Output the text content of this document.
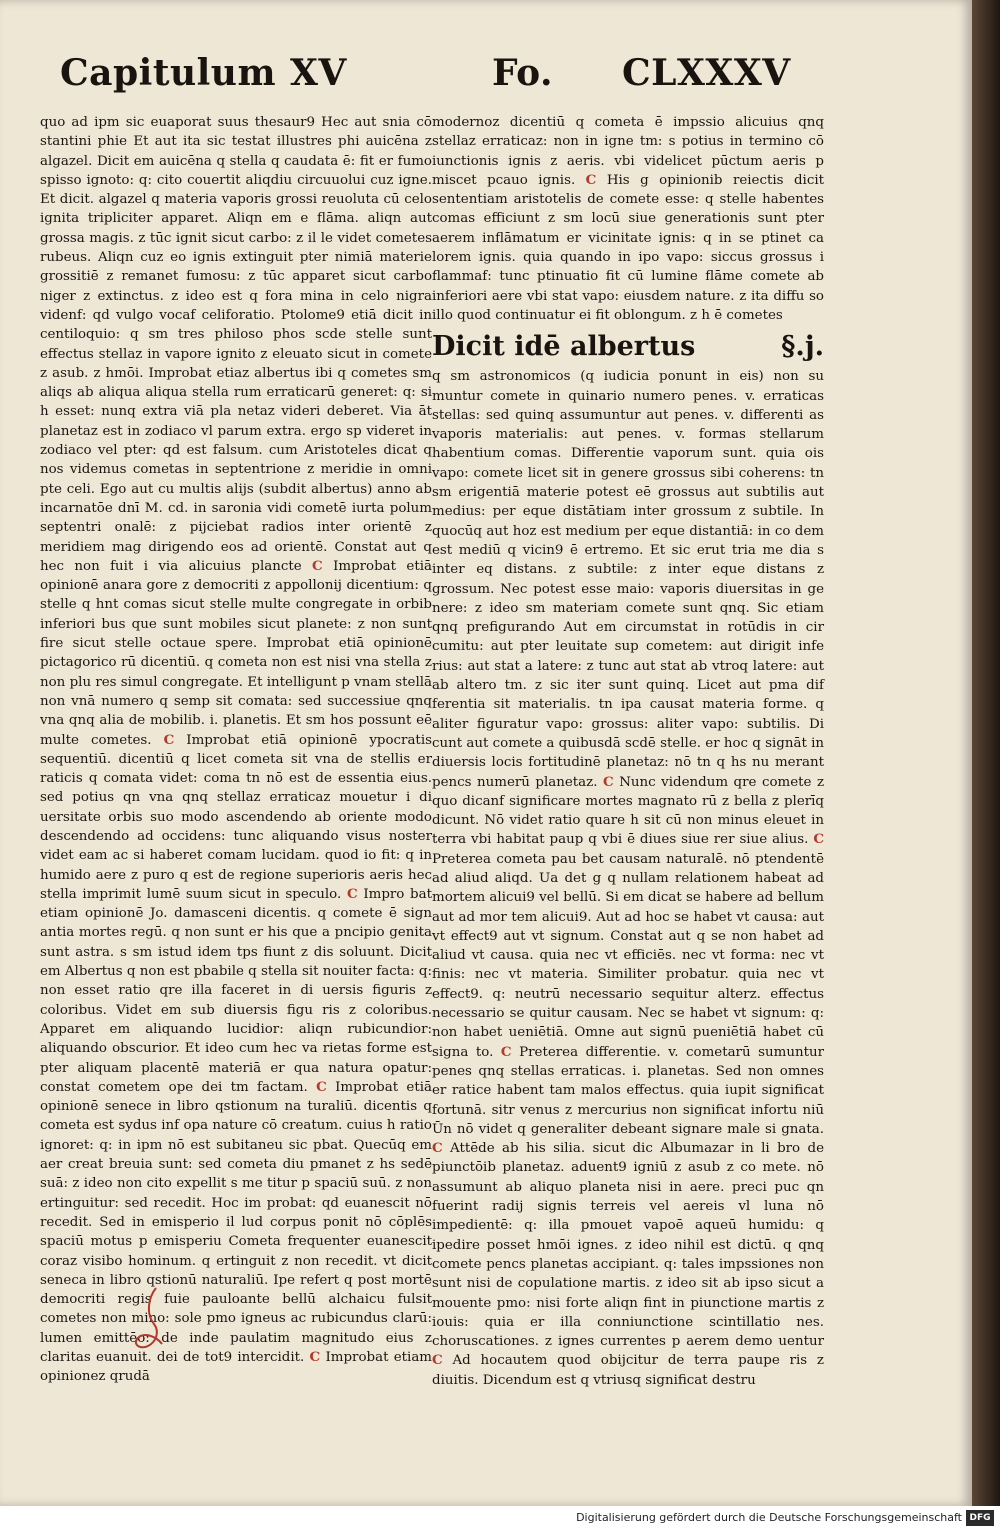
Capitulum XV	Fo. CLXXXV

quo ad ipm sic euaporat suus thesaur9 Hec aut snia cō stantini phie Et aut ita sic testat illustres phi auicēna z algazel. Dicit em auicēna q stella q caudata ē: fit er fumo spisso ignoto: q: cito couertit aliqdiu circuuolui cuz igne. Et dicit. algazel q materia vaporis grossi reuoluta cū celo ignita tripliciter apparet. Aliqn em e flāma. aliqn aut grossa magis. z tūc ignit sicut carbo: z il le videt cometes rubeus. Aliqn cuz eo ignis extinguit pter nimiā materie grossitiē z remanet fumosu: z tūc apparet sicut carbo niger z extinctus. z ideo est q fora mina in celo nigra videnf: qd vulgo vocaf celiforatio. Ptolome9 etiā dicit in centiloquio: q sm tres philoso phos scde stelle sunt effectus stellaz in vapore ignito z eleuato sicut in comete z asub. z hmōi. Improbat etiaz albertus ibi q cometes sm aliqs ab aliqua aliqua stella rum erraticarū generet: q: si h esset: nunq extra viā pla netaz videri deberet. Via āt planetaz est in zodiaco vl parum extra. ergo sp videret in zodiaco vel pter: qd est falsum. cum Aristoteles dicat q nos videmus cometas in septentrione z meridie in omni pte celi. Ego aut cu multis alijs (subdit albertus) anno ab incarnatōe dnī M. cd. in saronia vidi cometē iurta polum septentri onalē: z pijciebat radios inter orientē z meridiem mag dirigendo eos ad orientē. Constat aut q hec non fuit i via alicuius plancte C Improbat etiā opinionē anara gore z democriti z appollonij dicentium: q stelle q hnt comas sicut stelle multe congregate in orbib inferiori bus que sunt mobiles sicut planete: z non sunt fire sicut stelle octaue spere. Improbat etiā opinionē pictagorico rū dicentiū. q cometa non est nisi vna stella z non plu res simul congregate. Et intelligunt p vnam stellā non vnā numero q semp sit comata: sed successiue qnq vna qnq alia de mobilib. i. planetis. Et sm hos possunt eē multe cometes. C Improbat etiā opinionē ypocratis sequentiū. dicentiū q licet cometa sit vna de stellis er raticis q comata videt: coma tn nō est de essentia eius. sed potius qn vna qnq stellaz erraticaz mouetur i di uersitate orbis suo modo ascendendo ab oriente modo descendendo ad occidens: tunc aliquando visus noster videt eam ac si haberet comam lucidam. quod io fit: q in humido aere z puro q est de regione superioris aeris hec stella imprimit lumē suum sicut in speculo. C Impro bat etiam opinionē Jo. damasceni dicentis. q comete ē sign antia mortes regū. q non sunt er his que a pncipio genita sunt astra. s sm istud idem tps fiunt z dis soluunt. Dicit em Albertus q non est pbabile q stella sit nouiter facta: q: non esset ratio qre illa faceret in di uersis figuris z coloribus. Videt em sub diuersis figu ris z coloribus. Apparet em aliquando lucidior: aliqn rubicundior: aliquando obscurior. Et ideo cum hec va rietas forme est pter aliquam placentē materiā er qua natura opatur: constat cometem ope dei tm factam. C Improbat etiā opinionē senece in libro qstionum na turaliū. dicentis q cometa est sydus inf opa nature cō creatum. cuius h ratio ignoret: q: in ipm nō est subitaneu sic pbat. Quecūq em aer creat breuia sunt: sed cometa diu pmanet z hs sedē suā: z ideo non cito expellit s me titur p spaciū suū. z non ertinguitur: sed recedit. Hoc im probat: qd euanescit nō recedit. Sed in emisperio il lud corpus ponit nō cōplēs spaciū motus p emisperiu Cometa frequenter euanescit coraz visibo hominum. q ertinguit z non recedit. vt dicit seneca in libro qstionū naturaliū. Ipe refert q post mortē democriti regis fuie pauloante bellū alchaicu fulsit cometes non mino: sole pmo igneus ac rubicundus clarū: lumen emittēo: de inde paulatim magnitudo eius z claritas euanuit. dei de tot9 intercidit. C Improbat etiam opinionez qrudā

modernoz dicentiū q cometa ē impssio alicuius qnq stellaz erraticaz: non in igne tm: s potius in termino cō iunctionis ignis z aeris. vbi videlicet pūctum aeris p miscet pcauo ignis. C His g opinionib reiectis dicit sententiam aristotelis de comete esse: q stelle habentes comas efficiunt z sm locū siue generationis sunt pter aerem inflāmatum er vicinitate ignis: q in se ptinet ca lorem ignis. quia quando in ipo vapo: siccus grossus i flammaf: tunc ptinuatio fit cū lumine flāme comete ab inferiori aere vbi stat vapo: eiusdem nature. z ita diffu so illo quod continuatur ei fit oblongum. z h ē cometes

Dicit idē albertus	§.j.

q sm astronomicos (q iudicia ponunt in eis) non su muntur comete in quinario numero penes. v. erraticas stellas: sed quinq assumuntur aut penes. v. differenti as vaporis materialis: aut penes. v. formas stellarum habentium comas. Differentie vaporum sunt. quia ois vapo: comete licet sit in genere grossus sibi coherens: tn sm erigentiā materie potest eē grossus aut subtilis aut medius: per eque distātiam inter grossum z subtile. In quocūq aut hoz est medium per eque distantiā: in co dem est mediū q vicin9 ē ertremo. Et sic erut tria me dia s inter eq distans. z subtile: z inter eque distans z grossum. Nec potest esse maio: vaporis diuersitas in ge nere: z ideo sm materiam comete sunt qnq. Sic etiam qnq prefigurando Aut em circumstat in rotūdis in cir cumitu: aut pter leuitate sup cometem: aut dirigit infe rius: aut stat a latere: z tunc aut stat ab vtroq latere: aut ab altero tm. z sic iter sunt quinq. Licet aut pma dif ferentia sit materialis. tn ipa causat materia forme. q aliter figuratur vapo: grossus: aliter vapo: subtilis. Di cunt aut comete a quibusdā scdē stelle. er hoc q signāt in diuersis locis fortitudinē planetaz: nō tn q hs nu merant pencs numerū planetaz. C Nunc videndum qre comete z quo dicanf significare mortes magnato rū z bella z plerīq dicunt. Nō videt ratio quare h sit cū non minus eleuet in terra vbi habitat paup q vbi ē diues siue rer siue alius. C Preterea cometa pau bet causam naturalē. nō ptendentē ad aliud aliqd. Ua det g q nullam relationem habeat ad mortem alicui9 vel bellū. Si em dicat se habere ad bellum aut ad mor tem alicui9. Aut ad hoc se habet vt causa: aut vt effect9 aut vt signum. Constat aut q se non habet ad aliud vt causa. quia nec vt efficiēs. nec vt forma: nec vt finis: nec vt materia. Similiter probatur. quia nec vt effect9. q: neutrū necessario sequitur alterz. effectus necessario se quitur causam. Nec se habet vt signum: q: non habet ueniētiā. Omne aut signū pueniētiā habet cū signa to. C Preterea differentie. v. cometarū sumuntur penes qnq stellas erraticas. i. planetas. Sed non omnes er ratice habent tam malos effectus. quia iupit significat fortunā. sitr venus z mercurius non significat infortu niū Ūn nō videt q generaliter debeant signare male si gnata. C Attēde ab his silia. sicut dic Albumazar in li bro de piunctōib planetaz. aduent9 igniū z asub z co mete. nō assumunt ab aliquo planeta nisi in aere. preci puc qn fuerint radij signis terreis vel aereis vl luna nō impedientē: q: illa pmouet vapoē aqueū humidu: q ipedire posset hmōi ignes. z ideo nihil est dictū. q qnq comete pencs planetas accipiant. q: tales impssiones non sunt nisi de copulatione martis. z ideo sit ab ipso sicut a mouente pmo: nisi forte aliqn fint in piunctione martis z iouis: quia er illa conniunctione scintillatio nes. choruscationes. z ignes currentes p aerem demo uentur C Ad hocautem quod obijcitur de terra paupe ris z diuitis. Dicendum est q vtriusq significat destru

Digitalisierung gefördert durch die Deutsche Forschungsgemeinschaft DFG
